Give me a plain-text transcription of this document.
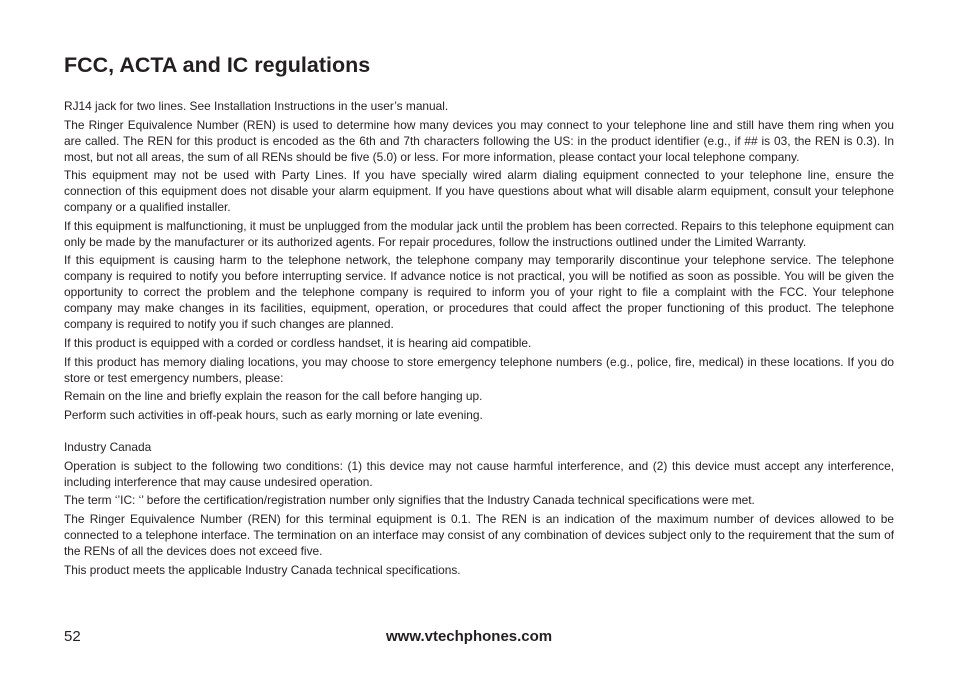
FCC, ACTA and IC regulations

RJ14 jack for two lines. See Installation Instructions in the user’s manual.

The Ringer Equivalence Number (REN) is used to determine how many devices you may connect to your telephone line and still have them ring when you are called. The REN for this product is encoded as the 6th and 7th characters following the US: in the product identifier (e.g., if ## is 03, the REN is 0.3). In most, but not all areas, the sum of all RENs should be five (5.0) or less. For more information, please contact your local telephone company.

This equipment may not be used with Party Lines. If you have specially wired alarm dialing equipment connected to your telephone line, ensure the connection of this equipment does not disable your alarm equipment. If you have questions about what will disable alarm equipment, consult your telephone company or a qualified installer.

If this equipment is malfunctioning, it must be unplugged from the modular jack until the problem has been corrected. Repairs to this telephone equipment can only be made by the manufacturer or its authorized agents. For repair procedures, follow the instructions outlined under the Limited Warranty.

If this equipment is causing harm to the telephone network, the telephone company may temporarily discontinue your telephone service. The telephone company is required to notify you before interrupting service. If advance notice is not practical, you will be notified as soon as possible. You will be given the opportunity to correct the problem and the telephone company is required to inform you of your right to file a complaint with the FCC. Your telephone company may make changes in its facilities, equipment, operation, or procedures that could affect the proper functioning of this product. The telephone company is required to notify you if such changes are planned.

If this product is equipped with a corded or cordless handset, it is hearing aid compatible.

If this product has memory dialing locations, you may choose to store emergency telephone numbers (e.g., police, fire, medical) in these locations. If you do store or test emergency numbers, please:

Remain on the line and briefly explain the reason for the call before hanging up.

Perform such activities in off-peak hours, such as early morning or late evening.

Industry Canada

Operation is subject to the following two conditions: (1) this device may not cause harmful interference, and (2) this device must accept any interference, including interference that may cause undesired operation.

The term ‘’IC: ‘’ before the certification/registration number only signifies that the Industry Canada technical specifications were met.

The Ringer Equivalence Number (REN) for this terminal equipment is 0.1. The REN is an indication of the maximum number of devices allowed to be connected to a telephone interface. The termination on an interface may consist of any combination of devices subject only to the requirement that the sum of the RENs of all the devices does not exceed five.

This product meets the applicable Industry Canada technical specifications.

52	www.vtechphones.com
